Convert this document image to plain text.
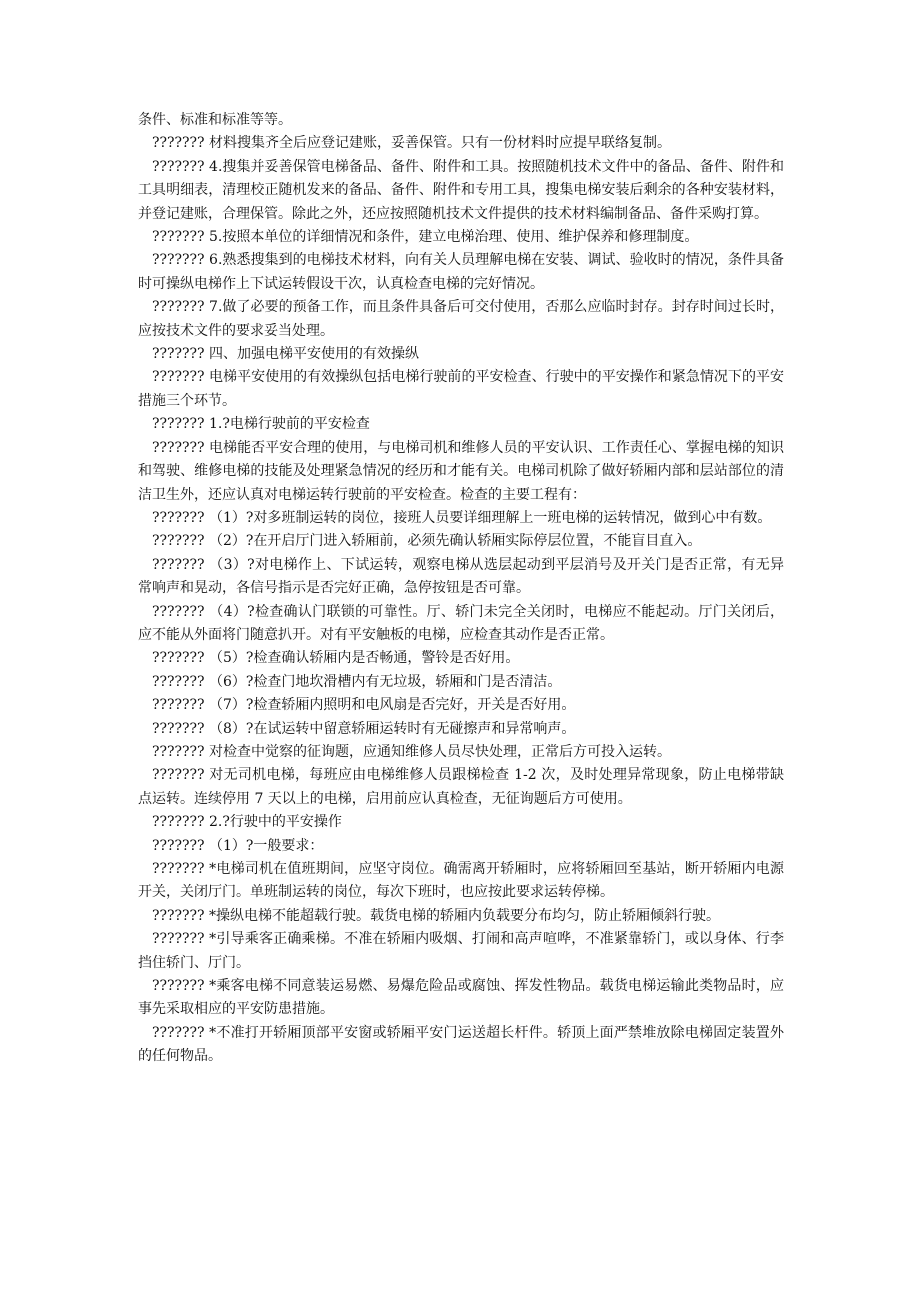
条件、标准和标准等等。

??????? 材料搜集齐全后应登记建账，妥善保管。只有一份材料时应提早联络复制。

??????? 4.搜集并妥善保管电梯备品、备件、附件和工具。按照随机技术文件中的备品、备件、附件和工具明细表，清理校正随机发来的备品、备件、附件和专用工具，搜集电梯安装后剩余的各种安装材料，并登记建账，合理保管。除此之外，还应按照随机技术文件提供的技术材料编制备品、备件采购打算。

??????? 5.按照本单位的详细情况和条件，建立电梯治理、使用、维护保养和修理制度。

??????? 6.熟悉搜集到的电梯技术材料，向有关人员理解电梯在安装、调试、验收时的情况，条件具备时可操纵电梯作上下试运转假设干次，认真检查电梯的完好情况。

??????? 7.做了必要的预备工作，而且条件具备后可交付使用，否那么应临时封存。封存时间过长时，应按技术文件的要求妥当处理。

??????? 四、加强电梯平安使用的有效操纵

??????? 电梯平安使用的有效操纵包括电梯行驶前的平安检查、行驶中的平安操作和紧急情况下的平安措施三个环节。

??????? 1.?电梯行驶前的平安检查

??????? 电梯能否平安合理的使用，与电梯司机和维修人员的平安认识、工作责任心、掌握电梯的知识和驾驶、维修电梯的技能及处理紧急情况的经历和才能有关。电梯司机除了做好轿厢内部和层站部位的清洁卫生外，还应认真对电梯运转行驶前的平安检查。检查的主要工程有：

??????? （1）?对多班制运转的岗位，接班人员要详细理解上一班电梯的运转情况，做到心中有数。

??????? （2）?在开启厅门进入轿厢前，必须先确认轿厢实际停层位置，不能盲目直入。

??????? （3）?对电梯作上、下试运转，观察电梯从选层起动到平层消号及开关门是否正常，有无异常响声和晃动，各信号指示是否完好正确，急停按钮是否可靠。

??????? （4）?检查确认门联锁的可靠性。厅、轿门未完全关闭时，电梯应不能起动。厅门关闭后，应不能从外面将门随意扒开。对有平安触板的电梯，应检查其动作是否正常。

??????? （5）?检查确认轿厢内是否畅通，警铃是否好用。

??????? （6）?检查门地坎滑槽内有无垃圾，轿厢和门是否清洁。

??????? （7）?检查轿厢内照明和电风扇是否完好，开关是否好用。

??????? （8）?在试运转中留意轿厢运转时有无碰擦声和异常响声。

??????? 对检查中觉察的征询题，应通知维修人员尽快处理，正常后方可投入运转。

??????? 对无司机电梯，每班应由电梯维修人员跟梯检查 1-2 次，及时处理异常现象，防止电梯带缺点运转。连续停用 7 天以上的电梯，启用前应认真检查，无征询题后方可使用。

??????? 2.?行驶中的平安操作

??????? （1）?一般要求：

??????? *电梯司机在值班期间，应坚守岗位。确需离开轿厢时，应将轿厢回至基站，断开轿厢内电源开关，关闭厅门。单班制运转的岗位，每次下班时，也应按此要求运转停梯。

??????? *操纵电梯不能超载行驶。载货电梯的轿厢内负载要分布均匀，防止轿厢倾斜行驶。

??????? *引导乘客正确乘梯。不准在轿厢内吸烟、打闹和高声喧哗，不准紧靠轿门，或以身体、行李挡住轿门、厅门。

??????? *乘客电梯不同意装运易燃、易爆危险品或腐蚀、挥发性物品。载货电梯运输此类物品时，应事先采取相应的平安防患措施。

??????? *不准打开轿厢顶部平安窗或轿厢平安门运送超长杆件。轿顶上面严禁堆放除电梯固定装置外的任何物品。
